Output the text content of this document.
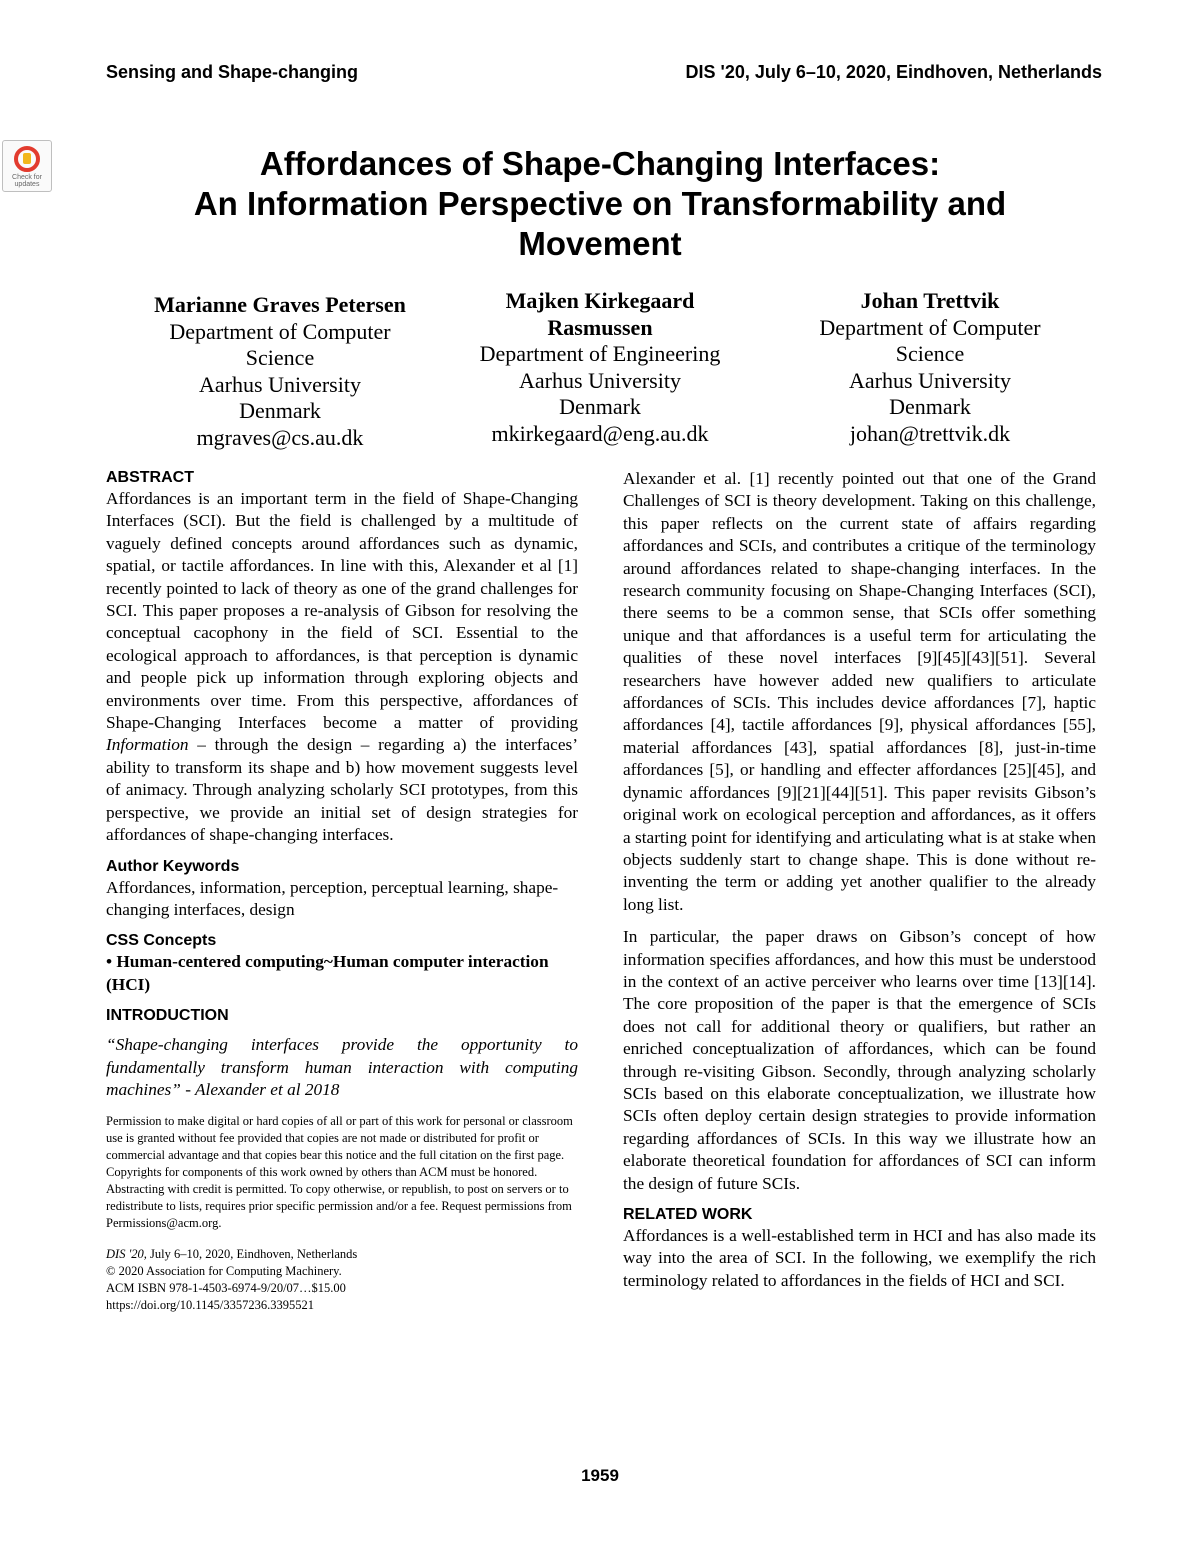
Sensing and Shape-changing	DIS '20, July 6–10, 2020, Eindhoven, Netherlands
Check for updates
Affordances of Shape-Changing Interfaces:
An Information Perspective on Transformability and
Movement
Marianne Graves Petersen
Department of Computer
Science
Aarhus University
Denmark
mgraves@cs.au.dk
Majken Kirkegaard
Rasmussen
Department of Engineering
Aarhus University
Denmark
mkirkegaard@eng.au.dk
Johan Trettvik
Department of Computer
Science
Aarhus University
Denmark
johan@trettvik.dk

ABSTRACT

Affordances is an important term in the field of Shape-Changing Interfaces (SCI). But the field is challenged by a multitude of vaguely defined concepts around affordances such as dynamic, spatial, or tactile affordances. In line with this, Alexander et al [1] recently pointed to lack of theory as one of the grand challenges for SCI. This paper proposes a re-analysis of Gibson for resolving the conceptual cacophony in the field of SCI. Essential to the ecological approach to affordances, is that perception is dynamic and people pick up information through exploring objects and environments over time. From this perspective, affordances of Shape-Changing Interfaces become a matter of providing Information – through the design – regarding a) the interfaces’ ability to transform its shape and b) how movement suggests level of animacy. Through analyzing scholarly SCI prototypes, from this perspective, we provide an initial set of design strategies for affordances of shape-changing interfaces.

Author Keywords

Affordances, information, perception, perceptual learning, shape-changing interfaces, design

CSS Concepts

• Human-centered computing~Human computer interaction (HCI)

INTRODUCTION

“Shape-changing interfaces provide the opportunity to fundamentally transform human interaction with computing machines” - Alexander et al 2018

Permission to make digital or hard copies of all or part of this work for personal or classroom use is granted without fee provided that copies are not made or distributed for profit or commercial advantage and that copies bear this notice and the full citation on the first page. Copyrights for components of this work owned by others than ACM must be honored. Abstracting with credit is permitted. To copy otherwise, or republish, to post on servers or to redistribute to lists, requires prior specific permission and/or a fee. Request permissions from Permissions@acm.org.

DIS '20, July 6–10, 2020, Eindhoven, Netherlands
© 2020 Association for Computing Machinery.
ACM ISBN 978-1-4503-6974-9/20/07…$15.00
https://doi.org/10.1145/3357236.3395521

Alexander et al. [1] recently pointed out that one of the Grand Challenges of SCI is theory development. Taking on this challenge, this paper reflects on the current state of affairs regarding affordances and SCIs, and contributes a critique of the terminology around affordances related to shape-changing interfaces. In the research community focusing on Shape-Changing Interfaces (SCI), there seems to be a common sense, that SCIs offer something unique and that affordances is a useful term for articulating the qualities of these novel interfaces [9][45][43][51]. Several researchers have however added new qualifiers to articulate affordances of SCIs. This includes device affordances [7], haptic affordances [4], tactile affordances [9], physical affordances [55], material affordances [43], spatial affordances [8], just-in-time affordances [5], or handling and effecter affordances [25][45], and dynamic affordances [9][21][44][51]. This paper revisits Gibson’s original work on ecological perception and affordances, as it offers a starting point for identifying and articulating what is at stake when objects suddenly start to change shape. This is done without re-inventing the term or adding yet another qualifier to the already long list.

In particular, the paper draws on Gibson’s concept of how information specifies affordances, and how this must be understood in the context of an active perceiver who learns over time [13][14]. The core proposition of the paper is that the emergence of SCIs does not call for additional theory or qualifiers, but rather an enriched conceptualization of affordances, which can be found through re-visiting Gibson. Secondly, through analyzing scholarly SCIs based on this elaborate conceptualization, we illustrate how SCIs often deploy certain design strategies to provide information regarding affordances of SCIs. In this way we illustrate how an elaborate theoretical foundation for affordances of SCI can inform the design of future SCIs.

RELATED WORK

Affordances is a well-established term in HCI and has also made its way into the area of SCI. In the following, we exemplify the rich terminology related to affordances in the fields of HCI and SCI.

1959
